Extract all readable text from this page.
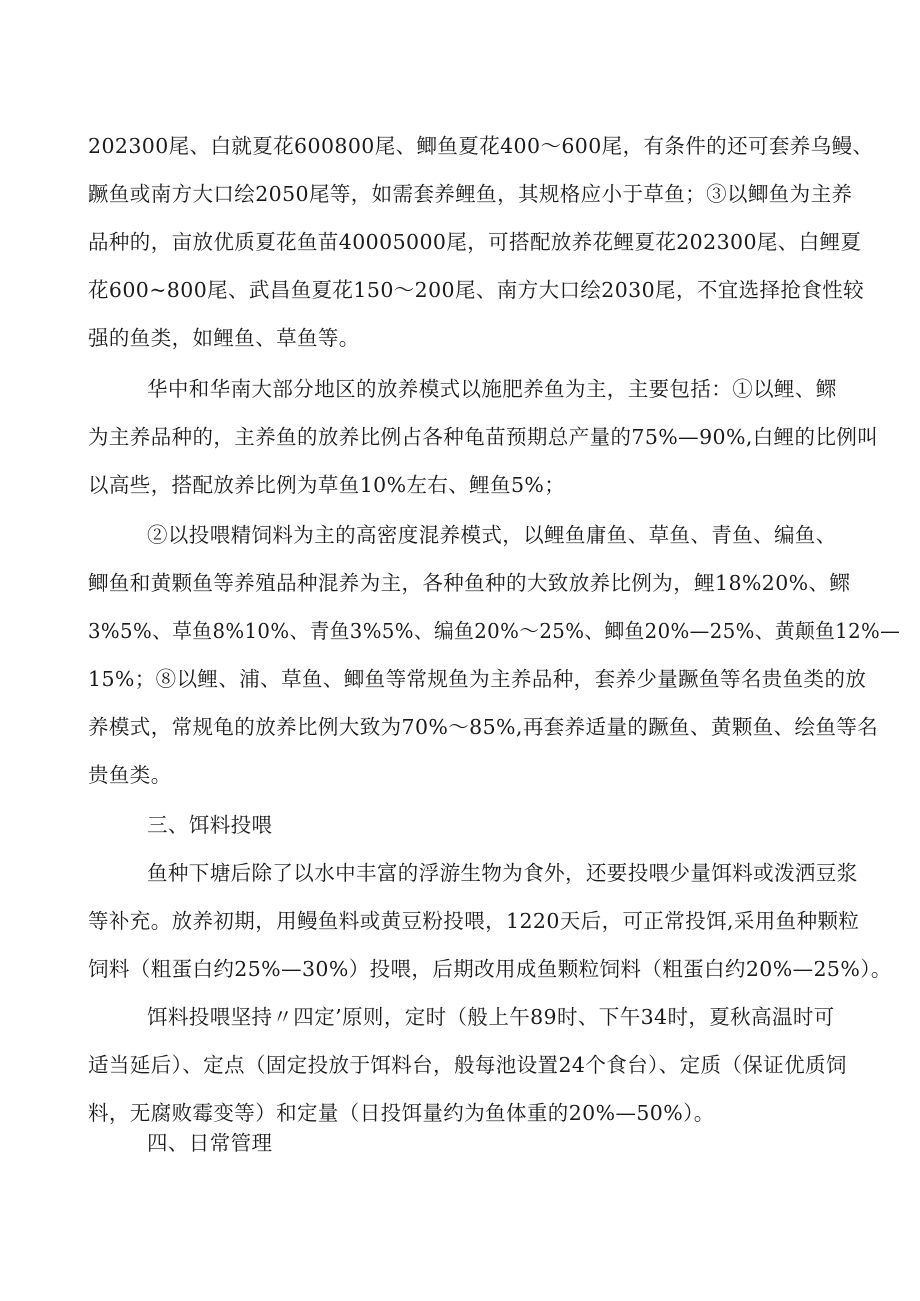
202300尾、白就夏花600800尾、鲫鱼夏花400～600尾，有条件的还可套养乌鳗、
蹶鱼或南方大口绘2050尾等，如需套养鲤鱼，其规格应小于草鱼；③以鲫鱼为主养
品种的，亩放优质夏花鱼苗40005000尾，可搭配放养花鲤夏花202300尾、白鲤夏
花600~800尾、武昌鱼夏花150～200尾、南方大口绘2030尾，不宜选择抢食性较
强的鱼类，如鲤鱼、草鱼等。
华中和华南大部分地区的放养模式以施肥养鱼为主，主要包括：①以鲤、鳏
为主养品种的，主养鱼的放养比例占各种龟苗预期总产量的75%—90%,白鲤的比例叫
以高些，搭配放养比例为草鱼10%左右、鲤鱼5%；
②以投喂精饲料为主的高密度混养模式，以鲤鱼庸鱼、草鱼、青鱼、编鱼、
鲫鱼和黄颗鱼等养殖品种混养为主，各种鱼种的大致放养比例为，鲤18%20%、鳏
3%5%、草鱼8%10%、青鱼3%5%、编鱼20%～25%、鲫鱼20%—25%、黄颠鱼12%—
15%；⑧以鲤、浦、草鱼、鲫鱼等常规鱼为主养品种，套养少量蹶鱼等名贵鱼类的放
养模式，常规龟的放养比例大致为70%～85%,再套养适量的蹶鱼、黄颗鱼、绘鱼等名
贵鱼类。
三、饵料投喂
鱼种下塘后除了以水中丰富的浮游生物为食外，还要投喂少量饵料或泼洒豆浆
等补充。放养初期，用鳗鱼料或黄豆粉投喂，1220天后，可正常投饵,采用鱼种颗粒
饲料（粗蛋白约25%—30%）投喂，后期改用成鱼颗粒饲料（粗蛋白约20%—25%）。
饵料投喂坚持〃四定’原则，定时（般上午89时、下午34时，夏秋高温时可
适当延后）、定点（固定投放于饵料台，般每池设置24个食台）、定质（保证优质饲
料，无腐败霉变等）和定量（日投饵量约为鱼体重的20%—50%）。
四、日常管理
